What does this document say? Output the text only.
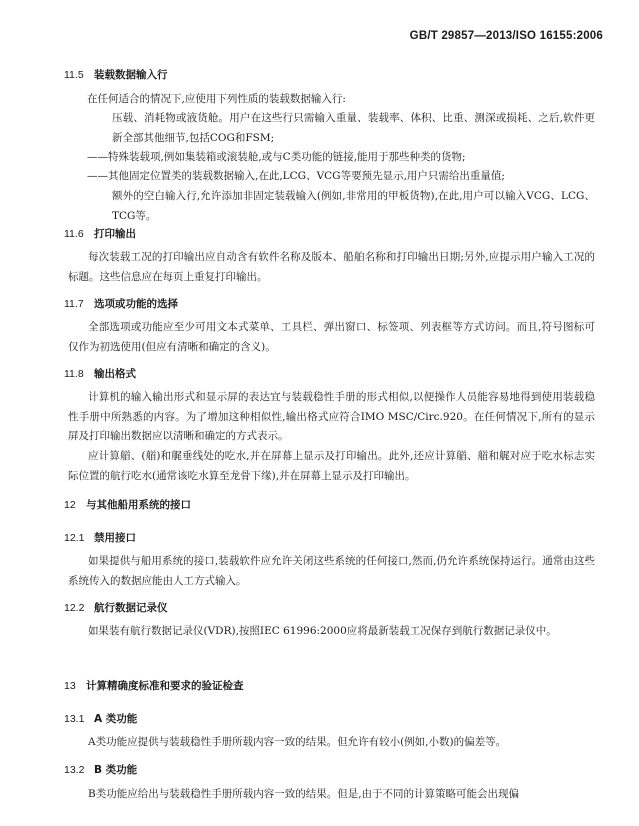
GB/T 29857—2013/ISO 16155:2006
11.5 装载数据输入行
在任何适合的情况下,应使用下列性质的装载数据输入行:
压载、消耗物或液货舱。用户在这些行只需输入重量、装载率、体积、比重、测深或损耗、之后,软件更新全部其他细节,包括COG和FSM;
——特殊装载项,例如集装箱或滚装舱,或与C类功能的链接,能用于那些种类的货物;
——其他固定位置类的装载数据输入,在此,LCG、VCG等要预先显示,用户只需给出重量值;
额外的空白输入行,允许添加非固定装载输入(例如,非常用的甲板货物),在此,用户可以输入VCG、LCG、TCG等。
11.6 打印输出
每次装载工况的打印输出应自动含有软件名称及版本、船舶名称和打印输出日期;另外,应提示用户输入工况的标题。这些信息应在每页上重复打印输出。
11.7 选项或功能的选择
全部选项或功能应至少可用文本式菜单、工具栏、弹出窗口、标签项、列表框等方式访问。而且,符号图标可仅作为初选使用(但应有清晰和确定的含义)。
11.8 输出格式
计算机的输入输出形式和显示屏的表达宜与装载稳性手册的形式相似,以便操作人员能容易地得到使用装载稳性手册中所熟悉的内容。为了增加这种相似性,输出格式应符合IMO MSC/Circ.920。在任何情况下,所有的显示屏及打印输出数据应以清晰和确定的方式表示。
应计算艏、(艏)和艉垂线处的吃水,并在屏幕上显示及打印输出。此外,还应计算艏、艏和艉对应于吃水标志实际位置的航行吃水(通常该吃水算至龙骨下缘),并在屏幕上显示及打印输出。
12 与其他船用系统的接口
12.1 禁用接口
如果提供与船用系统的接口,装载软件应允许关闭这些系统的任何接口,然而,仍允许系统保持运行。通常由这些系统传入的数据应能由人工方式输入。
12.2 航行数据记录仪
如果装有航行数据记录仪(VDR),按照IEC 61996:2000应将最新装载工况保存到航行数据记录仪中。
13 计算精确度标准和要求的验证检查
13.1 A 类功能
A类功能应提供与装载稳性手册所载内容一致的结果。但允许有较小(例如,小数)的偏差等。
13.2 B 类功能
B类功能应给出与装载稳性手册所载内容一致的结果。但是,由于不同的计算策略可能会出现偏
